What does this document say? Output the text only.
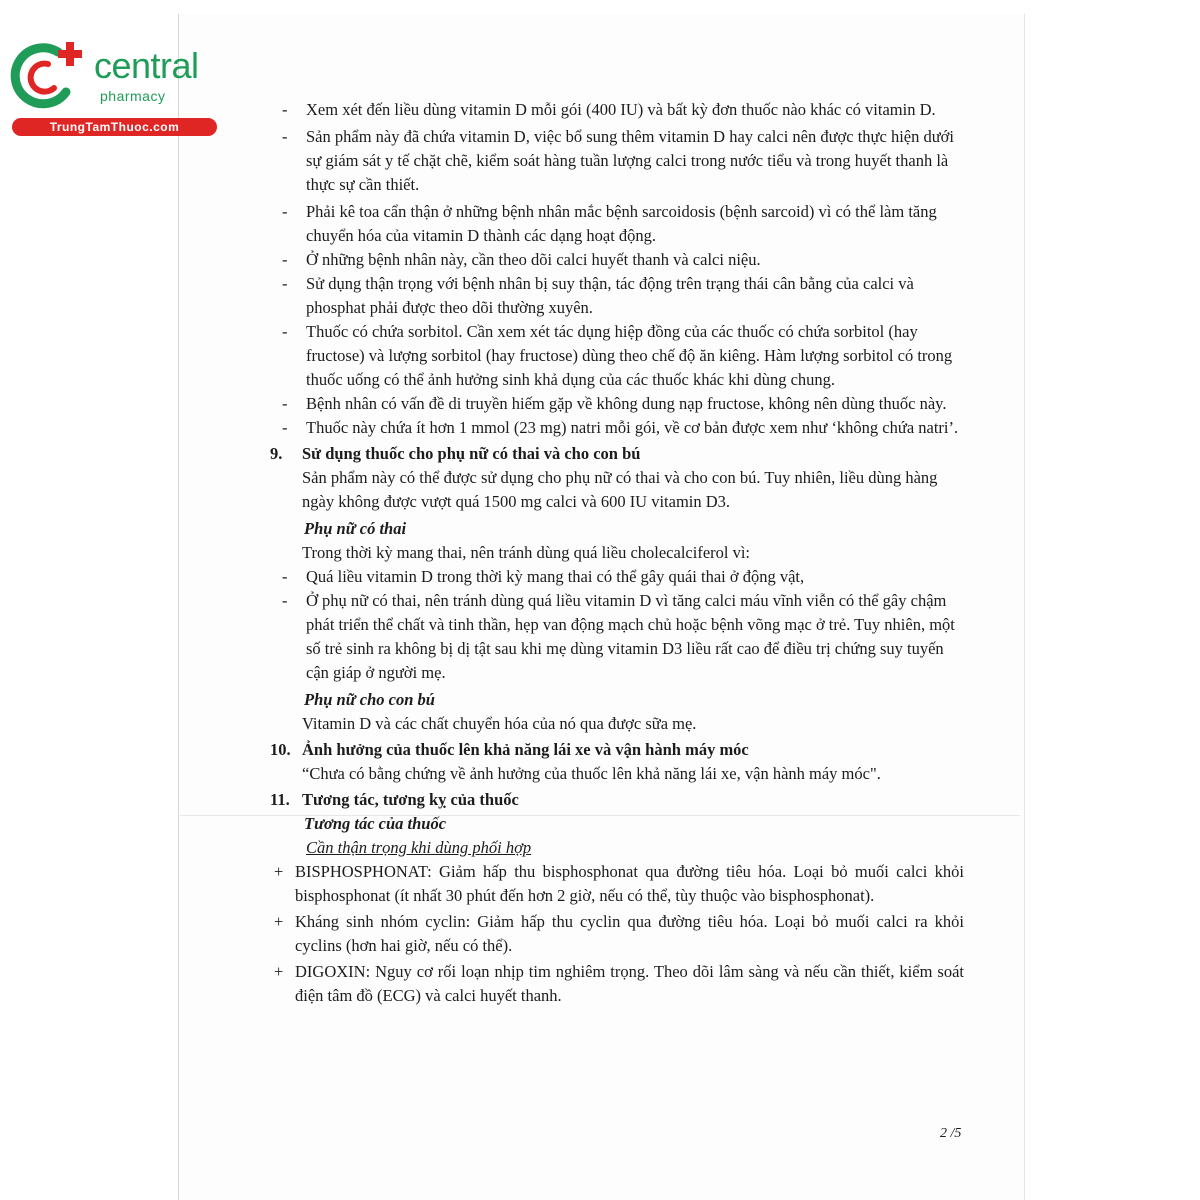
central
pharmacy
TrungTamThuoc.com
- Xem xét đến liều dùng vitamin D mỗi gói (400 IU) và bất kỳ đơn thuốc nào khác có vitamin D.
- Sản phẩm này đã chứa vitamin D, việc bổ sung thêm vitamin D hay calci nên được thực hiện dưới sự giám sát y tế chặt chẽ, kiểm soát hàng tuần lượng calci trong nước tiểu và trong huyết thanh là thực sự cần thiết.
- Phải kê toa cẩn thận ở những bệnh nhân mắc bệnh sarcoidosis (bệnh sarcoid) vì có thể làm tăng chuyển hóa của vitamin D thành các dạng hoạt động.
- Ở những bệnh nhân này, cần theo dõi calci huyết thanh và calci niệu.
- Sử dụng thận trọng với bệnh nhân bị suy thận, tác động trên trạng thái cân bằng của calci và phosphat phải được theo dõi thường xuyên.
- Thuốc có chứa sorbitol. Cần xem xét tác dụng hiệp đồng của các thuốc có chứa sorbitol (hay fructose) và lượng sorbitol (hay fructose) dùng theo chế độ ăn kiêng. Hàm lượng sorbitol có trong thuốc uống có thể ảnh hưởng sinh khả dụng của các thuốc khác khi dùng chung.
- Bệnh nhân có vấn đề di truyền hiếm gặp về không dung nạp fructose, không nên dùng thuốc này.
- Thuốc này chứa ít hơn 1 mmol (23 mg) natri mỗi gói, về cơ bản được xem như ‘không chứa natri’.
9. Sử dụng thuốc cho phụ nữ có thai và cho con bú
Sản phẩm này có thể được sử dụng cho phụ nữ có thai và cho con bú. Tuy nhiên, liều dùng hàng ngày không được vượt quá 1500 mg calci và 600 IU vitamin D3.
Phụ nữ có thai
Trong thời kỳ mang thai, nên tránh dùng quá liều cholecalciferol vì:
- Quá liều vitamin D trong thời kỳ mang thai có thể gây quái thai ở động vật,
- Ở phụ nữ có thai, nên tránh dùng quá liều vitamin D vì tăng calci máu vĩnh viễn có thể gây chậm phát triển thể chất và tinh thần, hẹp van động mạch chủ hoặc bệnh võng mạc ở trẻ. Tuy nhiên, một số trẻ sinh ra không bị dị tật sau khi mẹ dùng vitamin D3 liều rất cao để điều trị chứng suy tuyến cận giáp ở người mẹ.
Phụ nữ cho con bú
Vitamin D và các chất chuyển hóa của nó qua được sữa mẹ.
10. Ảnh hưởng của thuốc lên khả năng lái xe và vận hành máy móc
“Chưa có bằng chứng về ảnh hưởng của thuốc lên khả năng lái xe, vận hành máy móc".
11. Tương tác, tương kỵ của thuốc
Tương tác của thuốc
Cần thận trọng khi dùng phối hợp
+ BISPHOSPHONAT: Giảm hấp thu bisphosphonat qua đường tiêu hóa. Loại bỏ muối calci khỏi bisphosphonat (ít nhất 30 phút đến hơn 2 giờ, nếu có thể, tùy thuộc vào bisphosphonat).
+ Kháng sinh nhóm cyclin: Giảm hấp thu cyclin qua đường tiêu hóa. Loại bỏ muối calci ra khỏi cyclins (hơn hai giờ, nếu có thể).
+ DIGOXIN: Nguy cơ rối loạn nhịp tim nghiêm trọng. Theo dõi lâm sàng và nếu cần thiết, kiểm soát điện tâm đồ (ECG) và calci huyết thanh.
2 /5
